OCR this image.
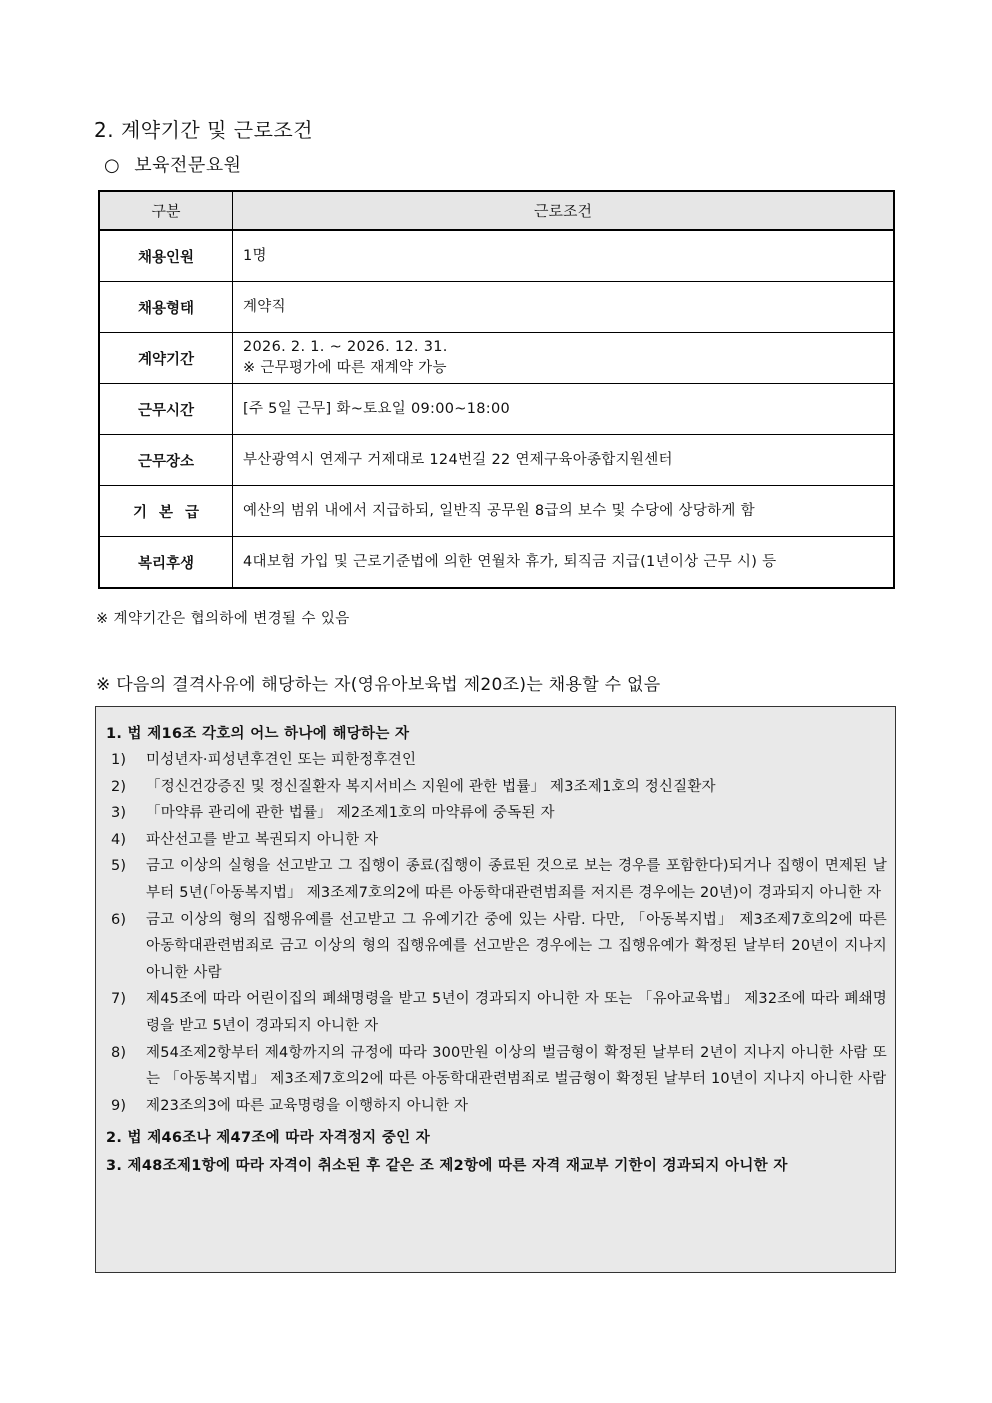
2. 계약기간 및 근로조건
○ 보육전문요원
구분	근로조건
채용인원	1명
채용형태	계약직
계약기간	2026. 2. 1. ~ 2026. 12. 31.
※ 근무평가에 따른 재계약 가능

근무시간	[주 5일 근무] 화~토요일 09:00~18:00
근무장소	부산광역시 연제구 거제대로 124번길 22 연제구육아종합지원센터
기본급	예산의 범위 내에서 지급하되, 일반직 공무원 8급의 보수 및 수당에 상당하게 함
복리후생	4대보험 가입 및 근로기준법에 의한 연월차 휴가, 퇴직금 지급(1년이상 근무 시) 등
※ 계약기간은 협의하에 변경될 수 있음
※ 다음의 결격사유에 해당하는 자(영유아보육법 제20조)는 채용할 수 없음

1. 법 제16조 각호의 어느 하나에 해당하는 자

1) 미성년자·피성년후견인 또는 피한정후견인
2) 「정신건강증진 및 정신질환자 복지서비스 지원에 관한 법률」 제3조제1호의 정신질환자
3) 「마약류 관리에 관한 법률」 제2조제1호의 마약류에 중독된 자
4) 파산선고를 받고 복권되지 아니한 자
5) 금고 이상의 실형을 선고받고 그 집행이 종료(집행이 종료된 것으로 보는 경우를 포함한다)되거나 집행이 면제된 날부터 5년(「아동복지법」 제3조제7호의2에 따른 아동학대관련범죄를 저지른 경우에는 20년)이 경과되지 아니한 자
6) 금고 이상의 형의 집행유예를 선고받고 그 유예기간 중에 있는 사람. 다만, 「아동복지법」 제3조제7호의2에 따른 아동학대관련범죄로 금고 이상의 형의 집행유예를 선고받은 경우에는 그 집행유예가 확정된 날부터 20년이 지나지 아니한 사람
7) 제45조에 따라 어린이집의 폐쇄명령을 받고 5년이 경과되지 아니한 자 또는 「유아교육법」 제32조에 따라 폐쇄명령을 받고 5년이 경과되지 아니한 자
8) 제54조제2항부터 제4항까지의 규정에 따라 300만원 이상의 벌금형이 확정된 날부터 2년이 지나지 아니한 사람 또는 「아동복지법」 제3조제7호의2에 따른 아동학대관련범죄로 벌금형이 확정된 날부터 10년이 지나지 아니한 사람
9) 제23조의3에 따른 교육명령을 이행하지 아니한 자

2. 법 제46조나 제47조에 따라 자격정지 중인 자

3. 제48조제1항에 따라 자격이 취소된 후 같은 조 제2항에 따른 자격 재교부 기한이 경과되지 아니한 자
